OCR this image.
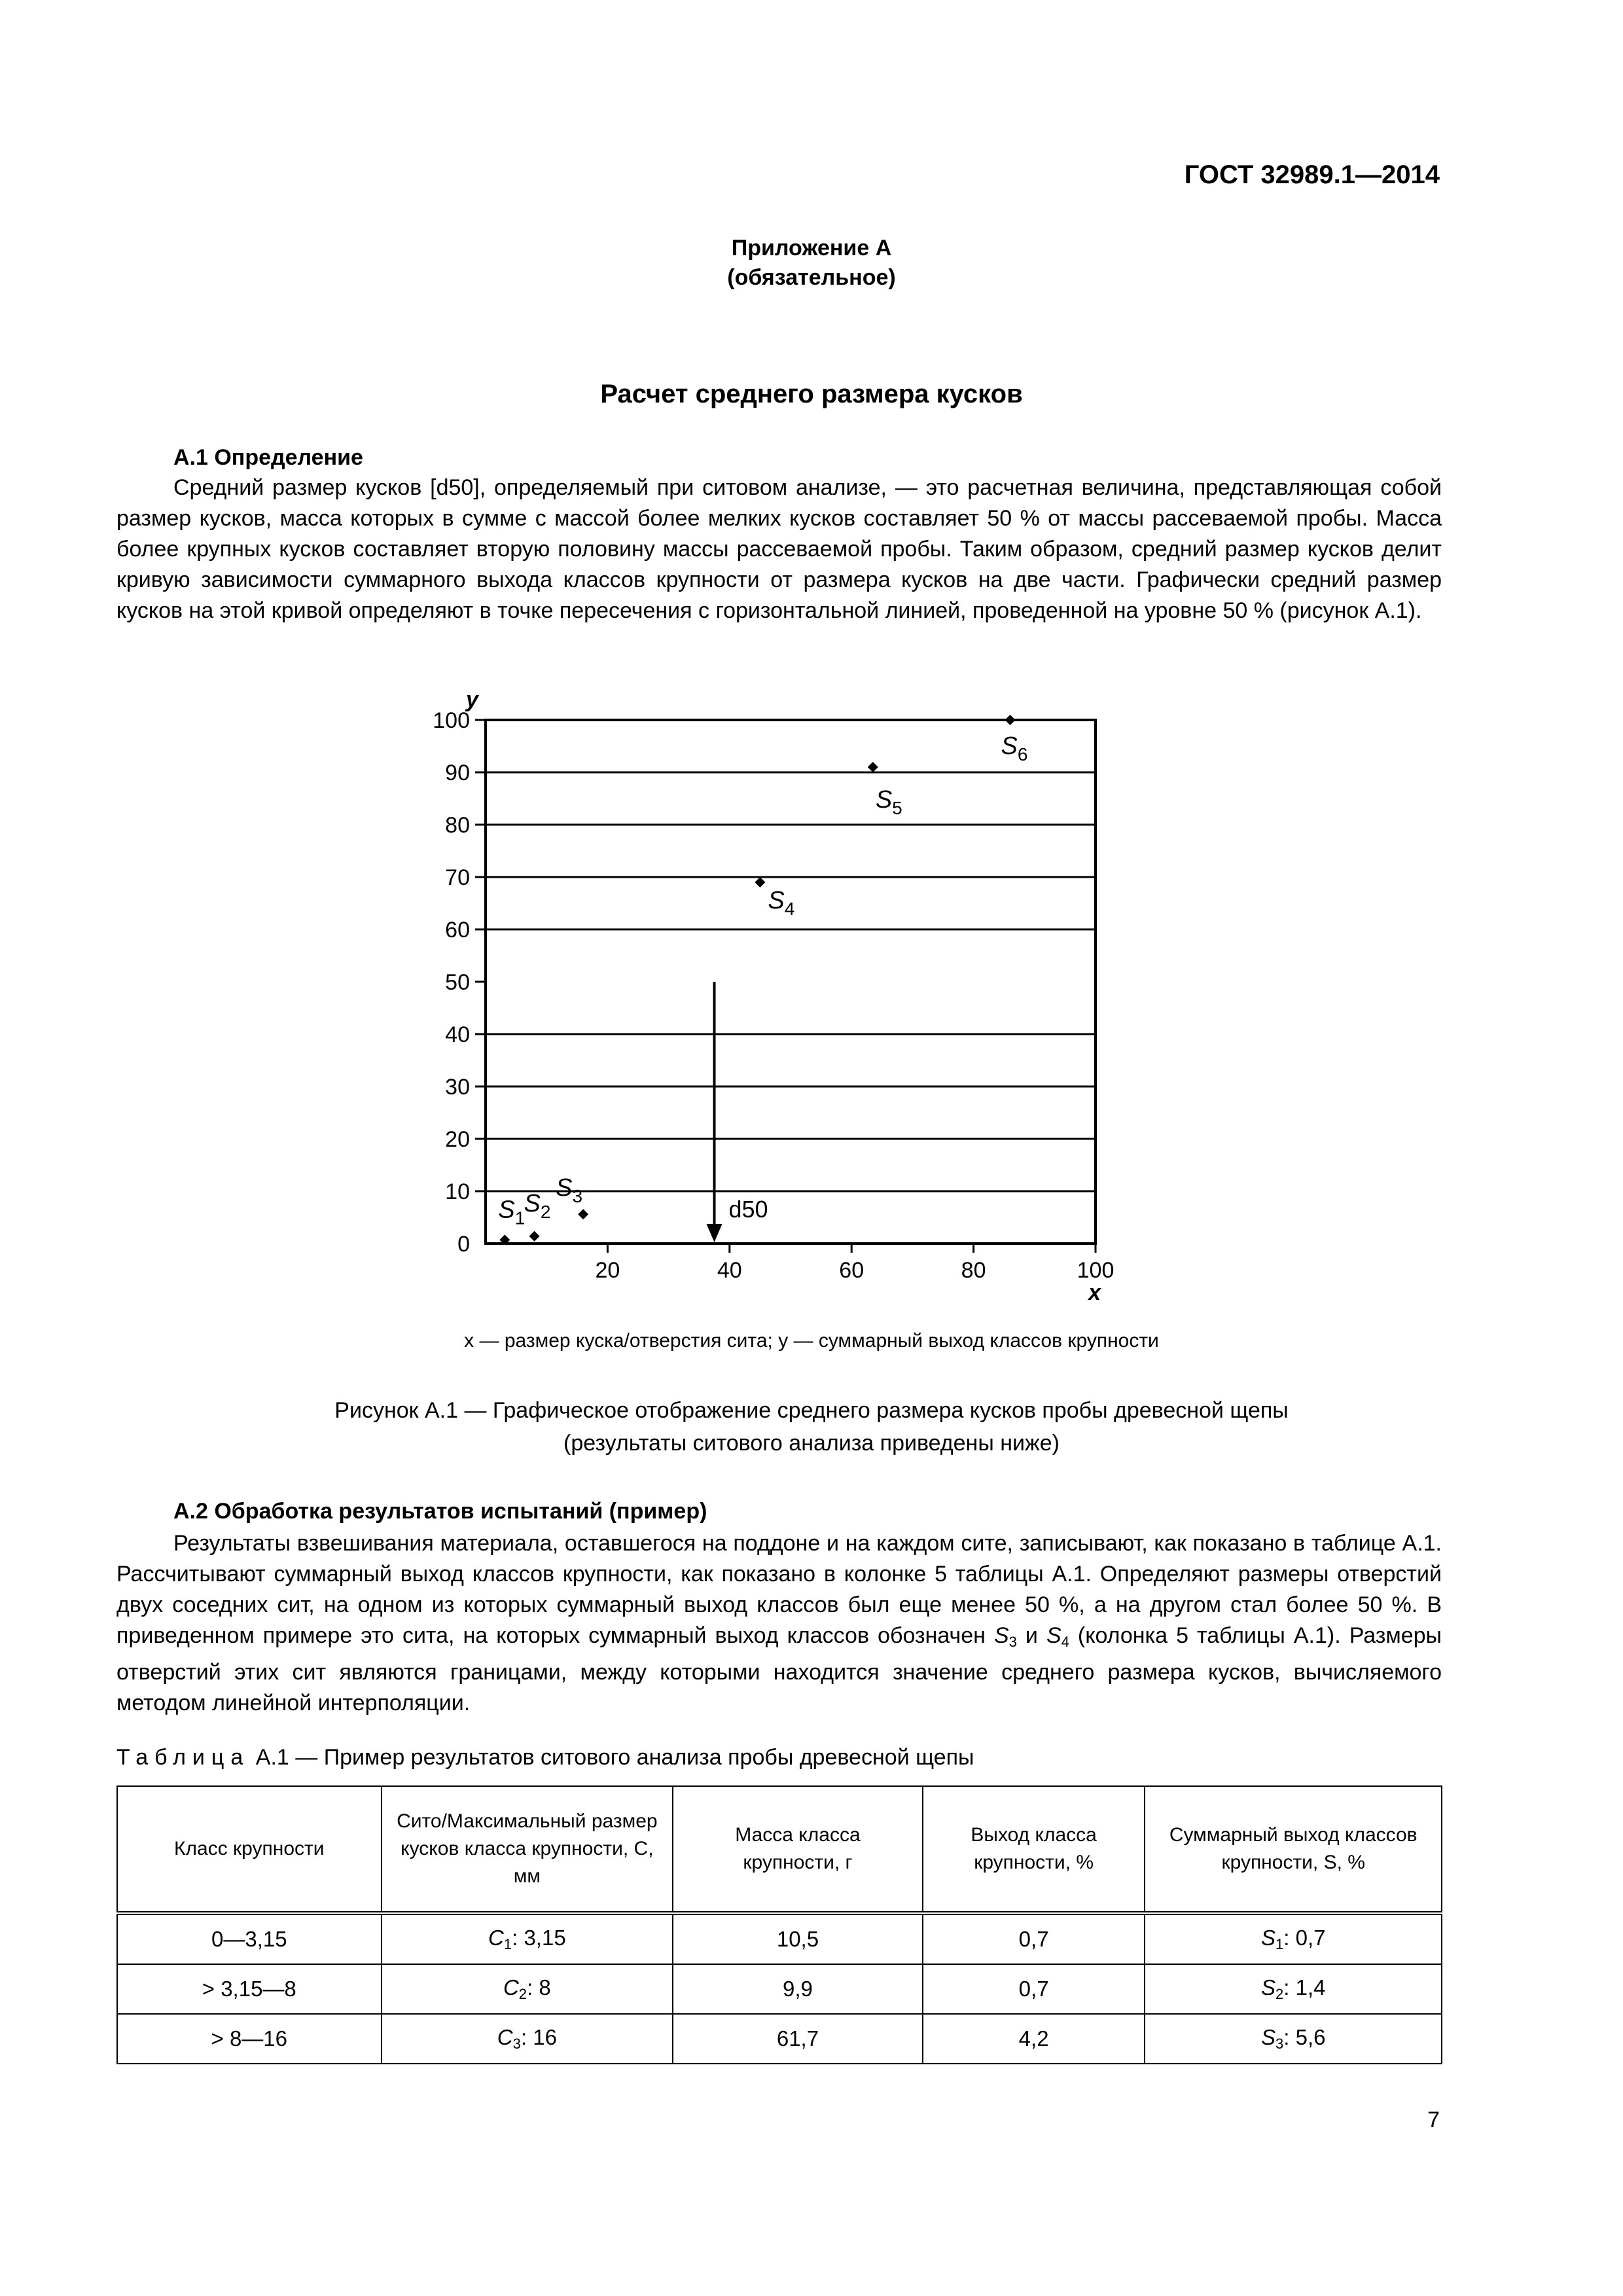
ГОСТ 32989.1—2014
Приложение А
(обязательное)
Расчет среднего размера кусков
А.1 Определение
Средний размер кусков [d50], определяемый при ситовом анализе, — это расчетная величина, представляющая собой размер кусков, масса которых в сумме с массой более мелких кусков составляет 50 % от массы рассеваемой пробы. Масса более крупных кусков составляет вторую половину массы рассеваемой пробы. Таким образом, средний размер кусков делит кривую зависимости суммарного выхода классов крупности от размера кусков на две части. Графически средний размер кусков на этой кривой определяют в точке пересечения с горизонтальной линией, проведенной на уровне 50 % (рисунок А.1).
0
10
20
30
40
50
60
70
80
90
100
20	40	60	80	100
$S_1$
$S_2$
$S_3$
$S_4$
$S_5$
$S_6$
d50
y
x
x — размер куска/отверстия сита; y — суммарный выход классов крупности
Рисунок А.1 — Графическое отображение среднего размера кусков пробы древесной щепы
(результаты ситового анализа приведены ниже)
А.2 Обработка результатов испытаний (пример)
Результаты взвешивания материала, оставшегося на поддоне и на каждом сите, записывают, как показано в таблице А.1. Рассчитывают суммарный выход классов крупности, как показано в колонке 5 таблицы А.1. Определяют размеры отверстий двух соседних сит, на одном из которых суммарный выход классов был еще менее 50 %, а на другом стал более 50 %. В приведенном примере это сита, на которых суммарный выход классов обозначен $S_3$ и $S_4$ (колонка 5 таблицы А.1). Размеры отверстий этих сит являются границами, между которыми находится значение среднего размера кусков, вычисляемого методом линейной интерполяции.
Таблица А.1 — Пример результатов ситового анализа пробы древесной щепы
Класс крупности	Сито/Максимальный размер кусков класса крупности, С, мм	Масса класса крупности, г	Выход класса крупности, %	Суммарный выход классов крупности, S, %
0—3,15	$C_1$: 3,15	10,5	0,7	$S_1$: 0,7
> 3,15—8	$C_2$: 8	9,9	0,7	$S_2$: 1,4
> 8—16	$C_3$: 16	61,7	4,2	$S_3$: 5,6
7
